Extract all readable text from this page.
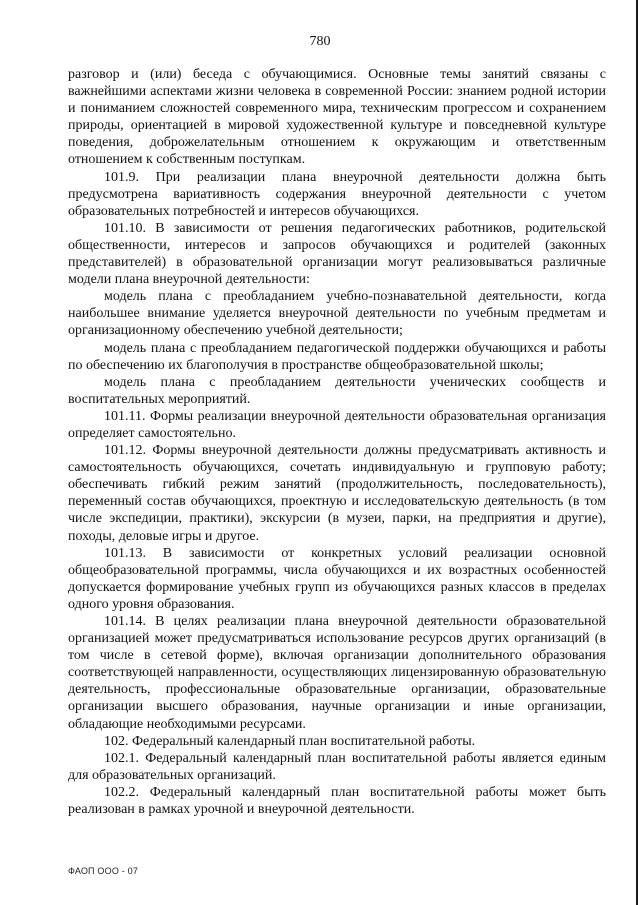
780

разговор и (или) беседа с обучающимися. Основные темы занятий связаны с важнейшими аспектами жизни человека в современной России: знанием родной истории и пониманием сложностей современного мира, техническим прогрессом и сохранением природы, ориентацией в мировой художественной культуре и повседневной культуре поведения, доброжелательным отношением к окружающим и ответственным отношением к собственным поступкам.

101.9. При реализации плана внеурочной деятельности должна быть предусмотрена вариативность содержания внеурочной деятельности с учетом образовательных потребностей и интересов обучающихся.

101.10. В зависимости от решения педагогических работников, родительской общественности, интересов и запросов обучающихся и родителей (законных представителей) в образовательной организации могут реализовываться различные модели плана внеурочной деятельности:

модель плана с преобладанием учебно-познавательной деятельности, когда наибольшее внимание уделяется внеурочной деятельности по учебным предметам и организационному обеспечению учебной деятельности;

модель плана с преобладанием педагогической поддержки обучающихся и работы по обеспечению их благополучия в пространстве общеобразовательной школы;

модель плана с преобладанием деятельности ученических сообществ и воспитательных мероприятий.

101.11. Формы реализации внеурочной деятельности образовательная организация определяет самостоятельно.

101.12. Формы внеурочной деятельности должны предусматривать активность и самостоятельность обучающихся, сочетать индивидуальную и групповую работу; обеспечивать гибкий режим занятий (продолжительность, последовательность), переменный состав обучающихся, проектную и исследовательскую деятельность (в том числе экспедиции, практики), экскурсии (в музеи, парки, на предприятия и другие), походы, деловые игры и другое.

101.13. В зависимости от конкретных условий реализации основной общеобразовательной программы, числа обучающихся и их возрастных особенностей допускается формирование учебных групп из обучающихся разных классов в пределах одного уровня образования.

101.14. В целях реализации плана внеурочной деятельности образовательной организацией может предусматриваться использование ресурсов других организаций (в том числе в сетевой форме), включая организации дополнительного образования соответствующей направленности, осуществляющих лицензированную образовательную деятельность, профессиональные образовательные организации, образовательные организации высшего образования, научные организации и иные организации, обладающие необходимыми ресурсами.

102. Федеральный календарный план воспитательной работы.

102.1. Федеральный календарный план воспитательной работы является единым для образовательных организаций.

102.2. Федеральный календарный план воспитательной работы может быть реализован в рамках урочной и внеурочной деятельности.

ФАОП ООО - 07
